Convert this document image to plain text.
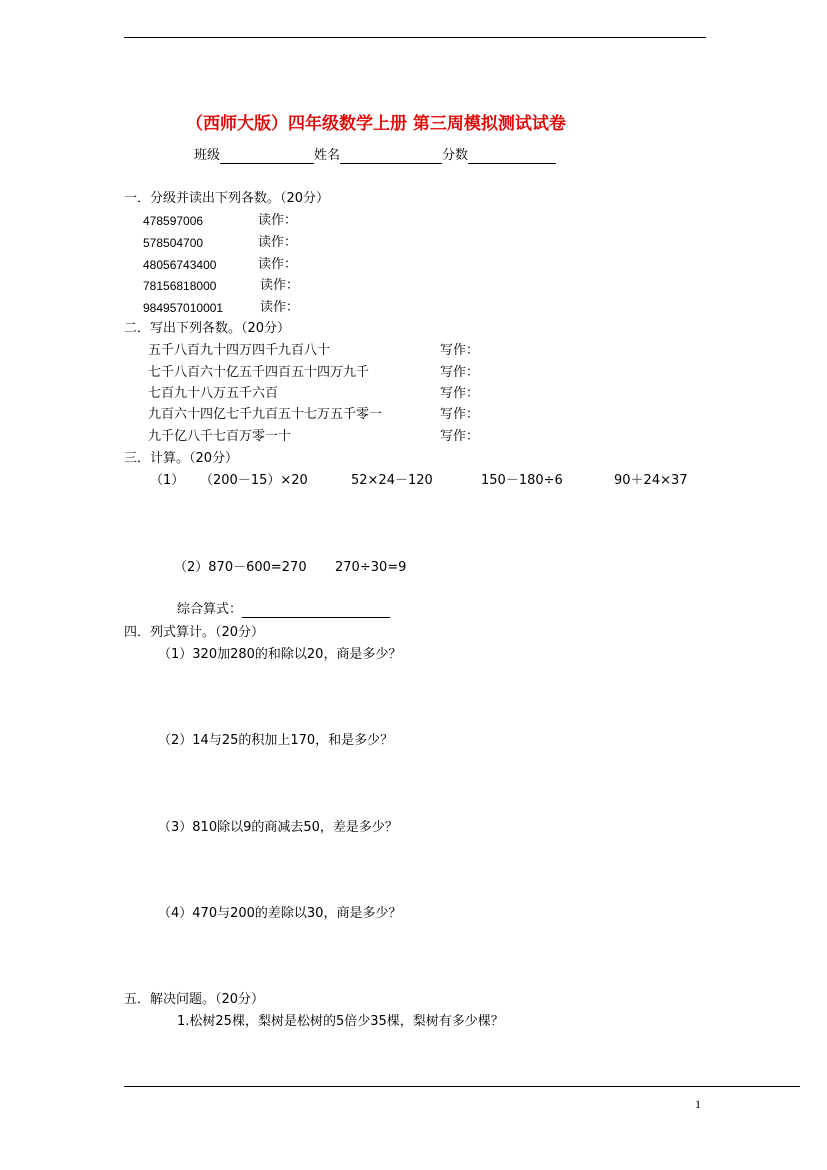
（西师大版）四年级数学上册 第三周模拟测试试卷
班级	姓名	分数
一．分级并读出下列各数。（20分）
478597006	读作：
578504700	读作：
48056743400	读作：
78156818000	读作：
984957010001	读作：
二．写出下列各数。（20分）
五千八百九十四万四千九百八十	写作：
七千八百六十亿五千四百五十四万九千	写作：
七百九十八万五千六百	写作：
九百六十四亿七千九百五十七万五千零一	写作：
九千亿八千七百万零一十	写作：
三．计算。（20分）
（1） （200－15）×20	52×24－120	150－180÷6	90＋24×37
（2）870－600=270 270÷30=9
综合算式：
四．列式算计。（20分）
（1）320加280的和除以20，商是多少？
（2）14与25的积加上170，和是多少？
（3）810除以9的商减去50，差是多少？
（4）470与200的差除以30，商是多少？
五．解决问题。（20分）
1.松树25棵，梨树是松树的5倍少35棵，梨树有多少棵？
1
